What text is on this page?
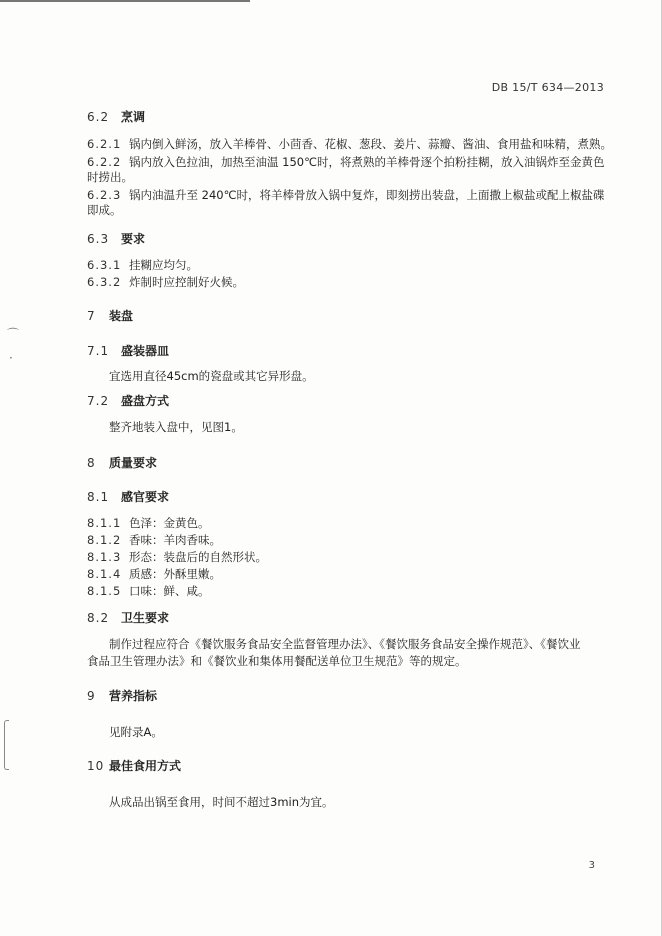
DB 15/T 634—2013
6.2 烹调
6.2.1 锅内倒入鲜汤，放入羊棒骨、小茴香、花椒、葱段、姜片、蒜瓣、酱油、食用盐和味精，煮熟。
6.2.2 锅内放入色拉油，加热至油温 150℃时，将煮熟的羊棒骨逐个拍粉挂糊，放入油锅炸至金黄色
时捞出。
6.2.3 锅内油温升至 240℃时，将羊棒骨放入锅中复炸，即刻捞出装盘，上面撒上椒盐或配上椒盐碟
即成。
6.3 要求
6.3.1 挂糊应均匀。
6.3.2 炸制时应控制好火候。
7 装盘
7.1 盛装器皿
宜选用直径45cm的瓷盘或其它异形盘。
7.2 盛盘方式
整齐地装入盘中，见图1。
8 质量要求
8.1 感官要求
8.1.1 色泽：金黄色。
8.1.2 香味：羊肉香味。
8.1.3 形态：装盘后的自然形状。
8.1.4 质感：外酥里嫩。
8.1.5 口味：鲜、咸。
8.2 卫生要求
制作过程应符合《餐饮服务食品安全监督管理办法》、《餐饮服务食品安全操作规范》、《餐饮业
食品卫生管理办法》和《餐饮业和集体用餐配送单位卫生规范》等的规定。
9 营养指标
见附录A。
10 最佳食用方式
从成品出锅至食用，时间不超过3min为宜。
3
⌒
·
